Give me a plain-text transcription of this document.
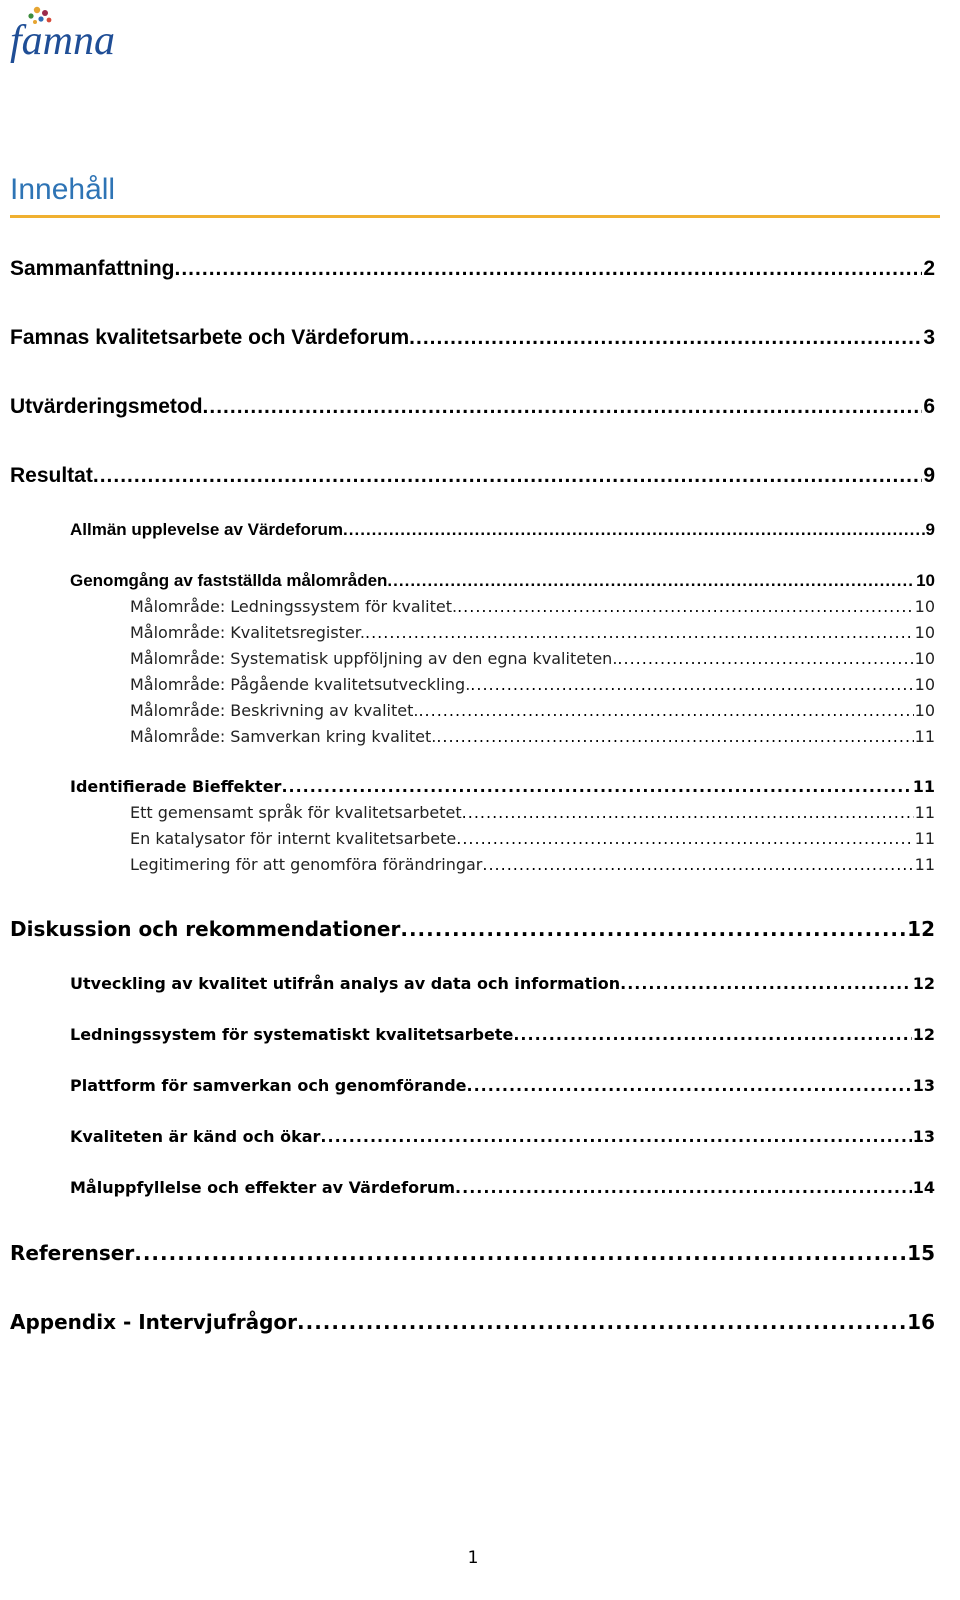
famna
Innehåll
Sammanfattning .....	2
Famnas kvalitetsarbete och Värdeforum .....	3
Utvärderingsmetod .....	6
Resultat .....	9
Allmän upplevelse av Värdeforum .....	9
Genomgång av fastställda målområden .....	10
Målområde: Ledningssystem för kvalitet. .....	10
Målområde: Kvalitetsregister. .....	10
Målområde: Systematisk uppföljning av den egna kvaliteten. .....	10
Målområde: Pågående kvalitetsutveckling. .....	10
Målområde: Beskrivning av kvalitet. .....	10
Målområde: Samverkan kring kvalitet. .....	11
Identifierade Bieffekter .....	11
Ett gemensamt språk för kvalitetsarbetet .....	11
En katalysator för internt kvalitetsarbete .....	11
Legitimering för att genomföra förändringar .....	11
Diskussion och rekommendationer .....	12
Utveckling av kvalitet utifrån analys av data och information .....	12
Ledningssystem för systematiskt kvalitetsarbete .....	12
Plattform för samverkan och genomförande .....	13
Kvaliteten är känd och ökar .....	13
Måluppfyllelse och effekter av Värdeforum .....	14
Referenser .....	15
Appendix - Intervjufrågor .....	16
1
